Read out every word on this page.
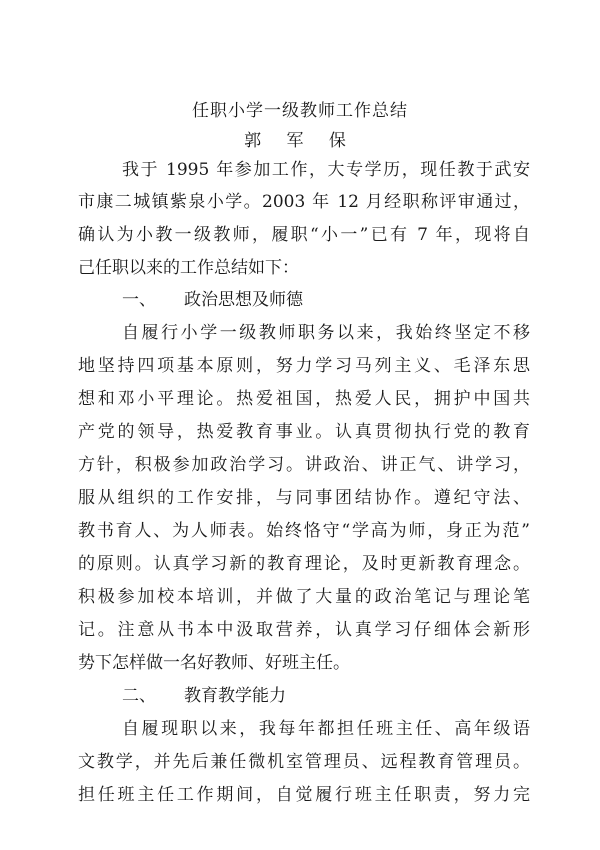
任职小学一级教师工作总结
郭 军 保
我于 1995 年参加工作，大专学历，现任教于武安
市康二城镇紫泉小学。2003 年 12 月经职称评审通过，
确认为小教一级教师，履职“小一”已有 7 年，现将自
己任职以来的工作总结如下：
一、 政治思想及师德
自履行小学一级教师职务以来，我始终坚定不移
地坚持四项基本原则，努力学习马列主义、毛泽东思
想和邓小平理论。热爱祖国，热爱人民，拥护中国共
产党的领导，热爱教育事业。认真贯彻执行党的教育
方针，积极参加政治学习。讲政治、讲正气、讲学习，
服从组织的工作安排，与同事团结协作。遵纪守法、
教书育人、为人师表。始终恪守“学高为师，身正为范”
的原则。认真学习新的教育理论，及时更新教育理念。
积极参加校本培训，并做了大量的政治笔记与理论笔
记。注意从书本中汲取营养，认真学习仔细体会新形
势下怎样做一名好教师、好班主任。
二、 教育教学能力
自履现职以来，我每年都担任班主任、高年级语
文教学，并先后兼任微机室管理员、远程教育管理员。
担任班主任工作期间，自觉履行班主任职责，努力完
